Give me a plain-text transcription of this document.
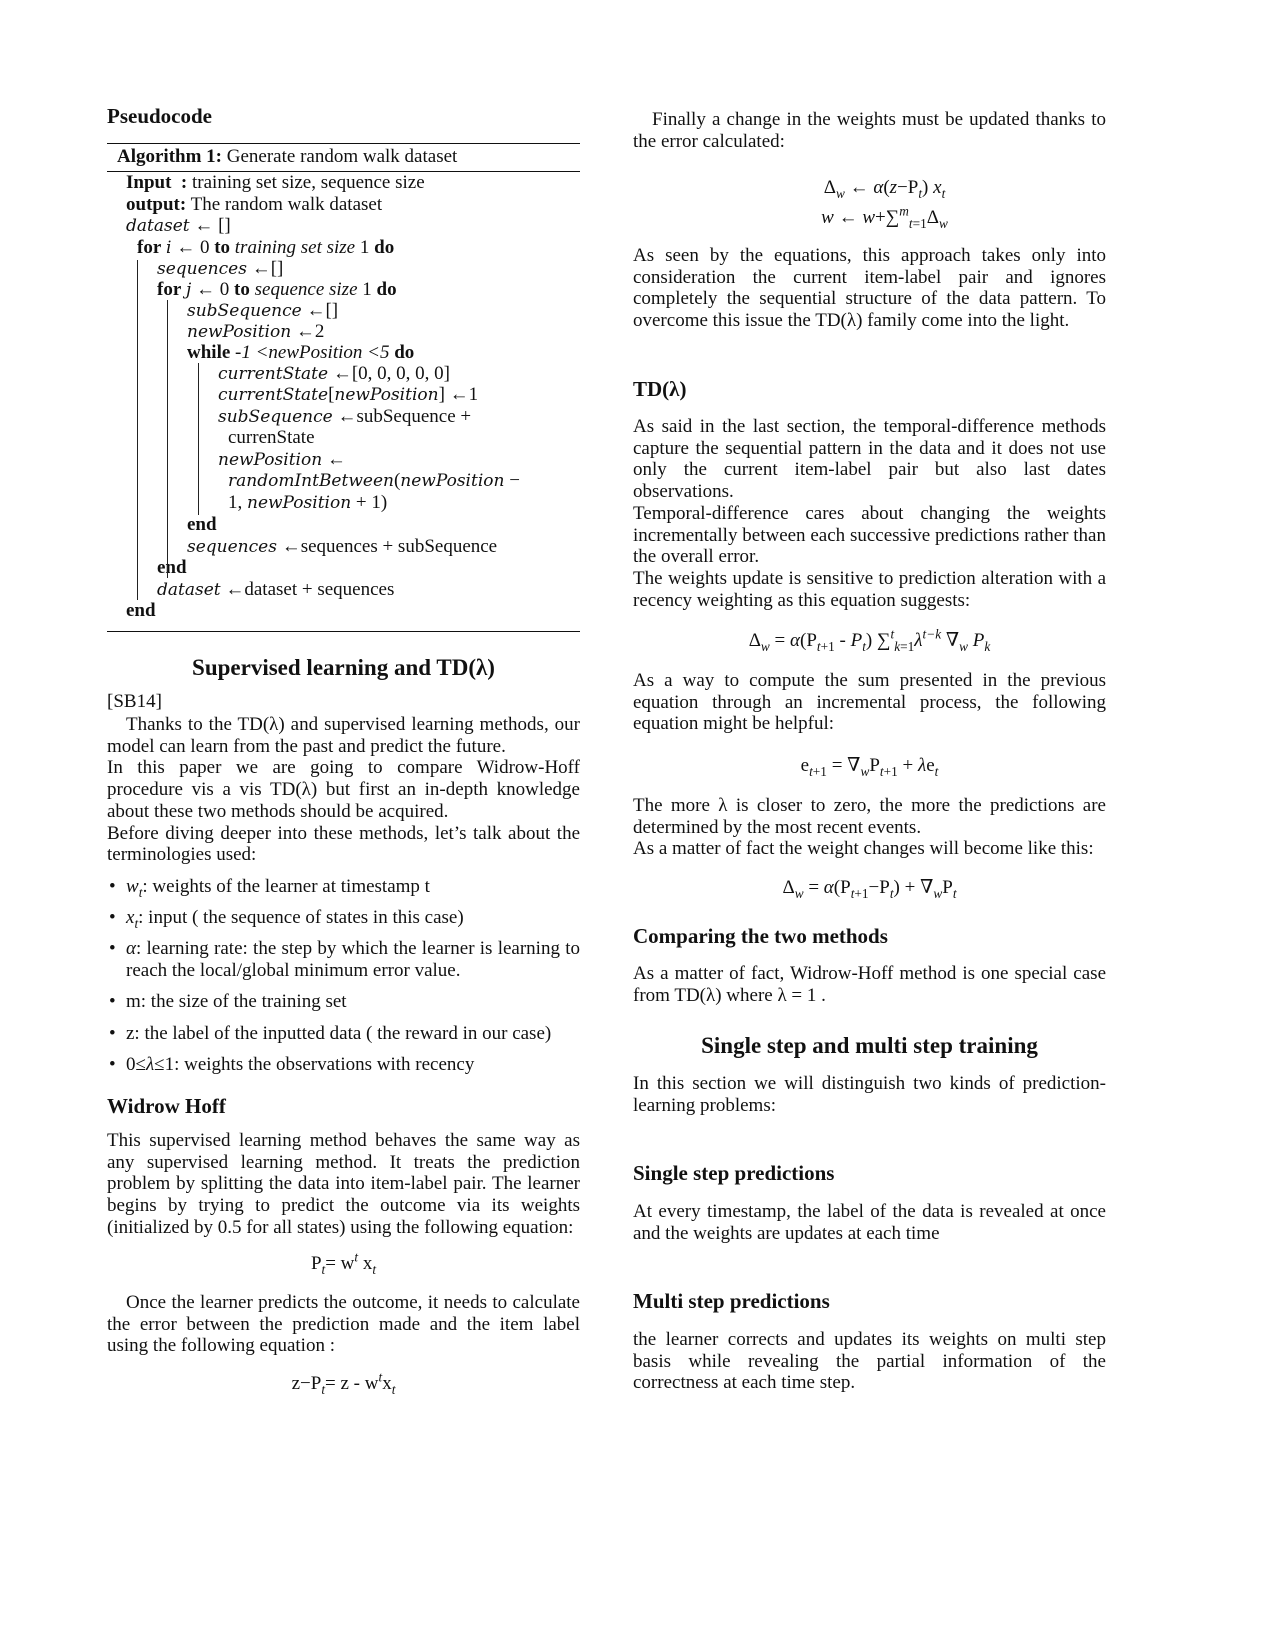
Pseudocode
Algorithm 1: Generate random walk dataset
Input  : training set size, sequence size
output: The random walk dataset
dataset ← []
for i ← 0 to training set size 1 do
sequences ←[]
for j ← 0 to sequence size 1 do
subSequence ←[]
newPosition ←2
while -1 <newPosition <5 do
currentState ←[0, 0, 0, 0, 0]
currentState[newPosition] ←1
subSequence ←subSequence +
currenState
newPosition ←
randomIntBetween(newPosition −
1, newPosition + 1)
end
sequences ←sequences + subSequence
end
dataset ←dataset + sequences
end
Supervised learning and TD(λ)
[SB14]
Thanks to the TD(λ) and supervised learning methods, our model can learn from the past and predict the future.
In this paper we are going to compare Widrow-Hoff procedure vis a vis TD(λ) but first an in-depth knowledge about these two methods should be acquired.
Before diving deeper into these methods, let’s talk about the terminologies used:
• $w_t$: weights of the learner at timestamp t
• $x_t$: input ( the sequence of states in this case)
• α: learning rate: the step by which the learner is learning to reach the local/global minimum error value.
• m: the size of the training set
• z: the label of the inputted data ( the reward in our case)
• 0≤λ≤1: weights the observations with recency
Widrow Hoff
This supervised learning method behaves the same way as any supervised learning method. It treats the prediction problem by splitting the data into item-label pair. The learner begins by trying to predict the outcome via its weights (initialized by 0.5 for all states) using the following equation:
$P_t= w^t$ $x_t$
Once the learner predicts the outcome, it needs to calculate the error between the prediction made and the item label using the following equation :
$z-P_t= z - w^tx_t$
Finally a change in the weights must be updated thanks to the error calculated:
$\Delta_w$ ← $\alpha(z-P_t)$ $x_t$
w ← $w+\sum^m_{t=1}\Delta_w$
As seen by the equations, this approach takes only into consideration the current item-label pair and ignores completely the sequential structure of the data pattern. To overcome this issue the TD(λ) family come into the light.
TD(λ)
As said in the last section, the temporal-difference methods capture the sequential pattern in the data and it does not use only the current item-label pair but also last dates observations.
Temporal-difference cares about changing the weights incrementally between each successive predictions rather than the overall error.
The weights update is sensitive to prediction alteration with a recency weighting as this equation suggests:
$\Delta_w = \alpha(P_{t+1} - P_t)$ $\sum^t_{k=1}\lambda^{t-k}$ $\nabla_w$ $P_k$
As a way to compute the sum presented in the previous equation through an incremental process, the following equation might be helpful:
$e_{t+1} = \nabla_wP_{t+1} + \lambda e_t$
The more λ is closer to zero, the more the predictions are determined by the most recent events.
As a matter of fact the weight changes will become like this:
$\Delta_w = \alpha(P_{t+1}-P_t) + \nabla_wP_t$
Comparing the two methods
As a matter of fact, Widrow-Hoff method is one special case from TD(λ) where λ = 1 .
Single step and multi step training
In this section we will distinguish two kinds of prediction-learning problems:
Single step predictions
At every timestamp, the label of the data is revealed at once and the weights are updates at each time
Multi step predictions
the learner corrects and updates its weights on multi step basis while revealing the partial information of the correctness at each time step.
